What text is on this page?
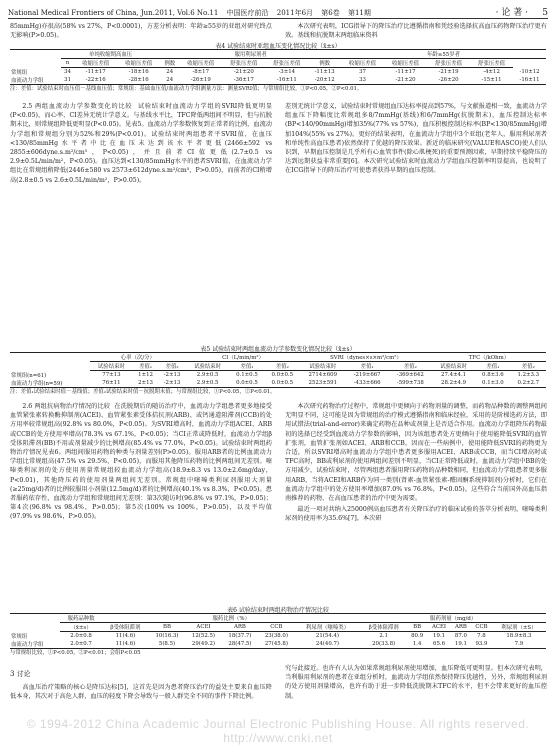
National Medical Frontiers of China, Jun.2011, Vol.6 No.11 中国医疗前沿 2011年6月 第6卷 第11期	· 论 著 · 5

85mmHg)亦很高(58% vs 27%，P<0.0001)，方差分析表明：年龄≥55岁的亚组对研究终点无影响(P>0.05)。

本次研究表明，ICG指导下的降压治疗比遵循指南和凭经验选择抗高血压药物降压治疗更有效。基线和抗脱期末两组临床资料

表4 试验结束时亚组血压变化情况比较（x̄±s）
	单纯收缩期高血压			服用利尿剂者					年龄≥55岁者				
	n	收缩压差值	收缩压差值	例数	收缩压差值	舒张压差值	舒张压差值	例数	收缩压差值	收缩压差值	舒张压差值	舒张压差值
常规组	34	-11±17	-18±16	24	-8±17	-21±20	-3±14	-11±13	37	-11±17	-21±19	-4±12	-10±12
血流动力学组	31	-22±16	-28±16	24	-26±19	-36±17	-16±11	-20±12	33	-21±20	-26±20	-15±11	-16±11
注：差值：试验结束时血压值－基线血压值；常规组：基础血压值/血流动力学组测量方法：测量SVRI值；与常规组比较，①P<0.05，②P<0.01。

2.5 两组血流动力学参数变化的比较 试验结束时血流动力学组的SVRI降低更明显(P<0.05)，而心率、CI差异无统计学意义。与基线水平比，TFC降低两组间不明显，但与抗脱期末比，则常规组降低更明显(P<0.05)。见表5。血流动力学参数恢复到正常者的比例，血流动力学组和常规组分别为52%和29%(P<0.01)。试验结束时两组患者平SVRI值，在血压<130/85mmHg水平者中比在血压未达到该水平者更低(2466±592 vs 2855±606dyne.s.m²/cm⁵，P<0.05)，并且前者CI值更低(2.7±0.5 vs 2.9±0.5L/min/m²，P<0.05)。血压达到<130/85mmHg水平的患者SVRI值，在血流动力学组比在常规组稍降低(2446±580 vs 2573±612dyne.s.m²/cm⁵，P>0.05)，而前者的CI稍增高(2.8±0.5 vs 2.6±0.5L/min/m²，P>0.05)。

差别无统计学意义，试验结束时常规组血压达标率提高到57%，与文献报道相一致，血流动力学组血压下降幅度比常规组多8/7mmHg(基线)和6/7mmHg(抗脱期末)，血压控制达标率(BP<140/90mmHg)增加35%(77% vs 57%)，血压积极控制达标率(BP<130/85mmHg)增加104%(55% vs 27%)。更好的结果表明，在血流动力学组中3个亚组(老年人，服用利尿剂者和单纯性高血压患者)依然保持了优越的降压效果。新近的临床研究(VALUE和ASCO)使人们认识到，早期血压控制是几乎所有心血管事件(除心肌梗死)的重要预测因素，早期持续平稳降压的达到远期获益非常重要[6]。本次研究试验结束时血流动力学组血压控制率明显提高，也说明了在ICG指导下的降压治疗可使患者获得早期的血压控制。

表5 试验结束时两组血流动力学参数变化情况比较（x̄±s）
	心率（次/分）			CI（L/min/m²）			SVRI（dynes×s×m²/cm⁵）			TFC（/kOhm）		
	试验结束时	差值₁	差值₂	试验结束时	差值₁	差值₂	试验结束时	差值₁	差值₂	试验结束时	差值₁	差值₂
常规组(n=61)	77±13	1±12	-2±13	2.9±0.5	0.1±0.5	0.0±0.5	2714±609	-219±667	-369±642	27.4±4.1	0.8±3.6	1.2±3.3
血流动力学组(n=59)	76±11	2±13	-2±13	2.9±0.5	0.0±0.5	0.0±0.5	2523±591	-433±666	-599±738	28.2±4.9	0.1±3.0	0.2±2.7
注：差值₁试验结束时值－基线值；差值₂试验结束时值－抗脱期末值；与常规组比较，①P<0.05，②P<0.01。

2.6 两组抗病物治疗情况的比较 在洗脱期后的随访治疗中，血流动力学组患者更多地接受血管紧张素转换酶抑制剂(ACEI)、血管紧张素受体拮抗剂(ARB)、或钙通道阻滞剂(CCB)的处方用率较常规组高(92.8% vs 80.0%，P<0.05)。为SVRI增高时，血流动力学组ACEI、ARB或CCB的处方使用率增高(78.3% vs 67.1%，P<0.05)；当CI正常或降低时，血流动力学组β受体阻滞剂(BB)不用或剂量减少的比例增高(85.4% vs 77.0%，P<0.05)。试验结束时两组药物治疗情况见表6。两组间服用药物的种类与剂量差别(P>0.05)。服用ARB者的比例血流动力学组比常规组高(47.5% vs 29.5%，P<0.05)，而服用其他降压药物的比例两组间无差别。噻嗪类利尿剂的处方使用剂量常规组较血流动力学组高(18.9±8.3 vs 13.0±2.6mg/day，P<0.01)，其他降压药的使用剂量两组间无差别。常规组中噻嗪类利尿剂服用大剂量(≥25mg/d)者的比例较服用小剂量(12.5mg/d)者的比例增高(40.1% vs 8.3%，P<0.05)。患者服药依存性，血流动力学组和常规组间无差别：第3次随访时(96.8% vs 97.1%，P>0.05)；第4次(96.8% vs 98.4%，P>0.05)；第5次(100% vs 100%，P>0.05)，以及平均值(97.9% vs 98.6%，P>0.05)。

本次研究药物治疗过程中，常规组中更倾向于药物剂量的调整，而药物品种数的调整两组间无明显不同，这可能是因为常规组的治疗模式遵循指南和临床经验，采用的是阶梯选药方法，即用试错法(trial-and-error)来确定药物在品种或剂量上是否适合作用。血流动力学组降压药物最初的选择已经受到血流动力学参数的影响，因为该组患者处方更倾向于使用能降低SVRI的血管扩张剂，血管扩张剂如ACEI、ARB和CCB，因而在一些病例中，使用能降低SVRI的药物更为合适，所以SVRI增高时血流动力学组中患者更多服用ACEI、ARB或CCB，而当CI增高时或TFC高时，BB或利尿剂的使用两组间差别不明显，当CI正常降低或时，血流动力学组中BB的处方用减少，试验结束时，尽管两组患者服用降压药物的品种数相同，但血流动力学组患者更多服用ARB，当将ACEI和ARB作为同一类别(肾素-血管紧张素-醛固酮系统抑制剂)分析时，它们在血流动力学组中的处方使用率增加(87.0% vs 76.8%，P<0.05)。这些符合当前国外高血压指南推荐的药物，在高血压患者的治疗中更为需要。

最近一项对共纳入25000例高血压患者有关降压治疗的临床试验的荟萃分析表明，噻嗪类利尿剂的使用率为35.6%[7]。本次研

表6 试验结束时两组药物治疗情况比较
	服药品种数	服药比例（%）						服药剂量（mg/d）					
	（x̄±s）	β受体阻滞剂	BB	ACEI	ARB	CCB	利尿剂（噻嗪类）	β受体阻滞剂	BB	ACEI	ARB	CCB	利尿剂（±S）
常规组	2.0±0.8	11(4.6)	10(16.3)	12(52.5)	18(37.7)	23(38.0)	21(54.4)	2.1	80.9	19.1	87.0	7.8	18.9±8.3
血流动力学组	2.0±0.7	11(4.6)	5(8.5)	29(49.2)	28(47.5)	27(45.8)	24(40.7)	20(33.8)	1.4	65.6	19.1	93.9	7.9
与常规组比较，①P<0.05，②P<0.01；会组P<0.05
3 讨论

高血压治疗策略的核心是降压达标[5]，这首先是因为患者降压治疗的益处主要来自血压降低本身，其次对于高危人群，血压的轻度下降会导致与一般人群完全不同的事件下降比例。

究与此接近。也许有人认为如果常规组利尿剂使用增加，血压降低可更明显。但本次研究表明，当利服用利尿剂的患者在亚组分析时，血流动力学组依然保持降压优越性，另外，常规组利尿剂的处方使用剂量增高，也许有助于进一步降低洗脱期末TFC的水平，但不会带来更好的血压控制。

© 1994-2012 China Academic Journal Electronic Publishing House. All rights reserved. http://www.cnki.net
